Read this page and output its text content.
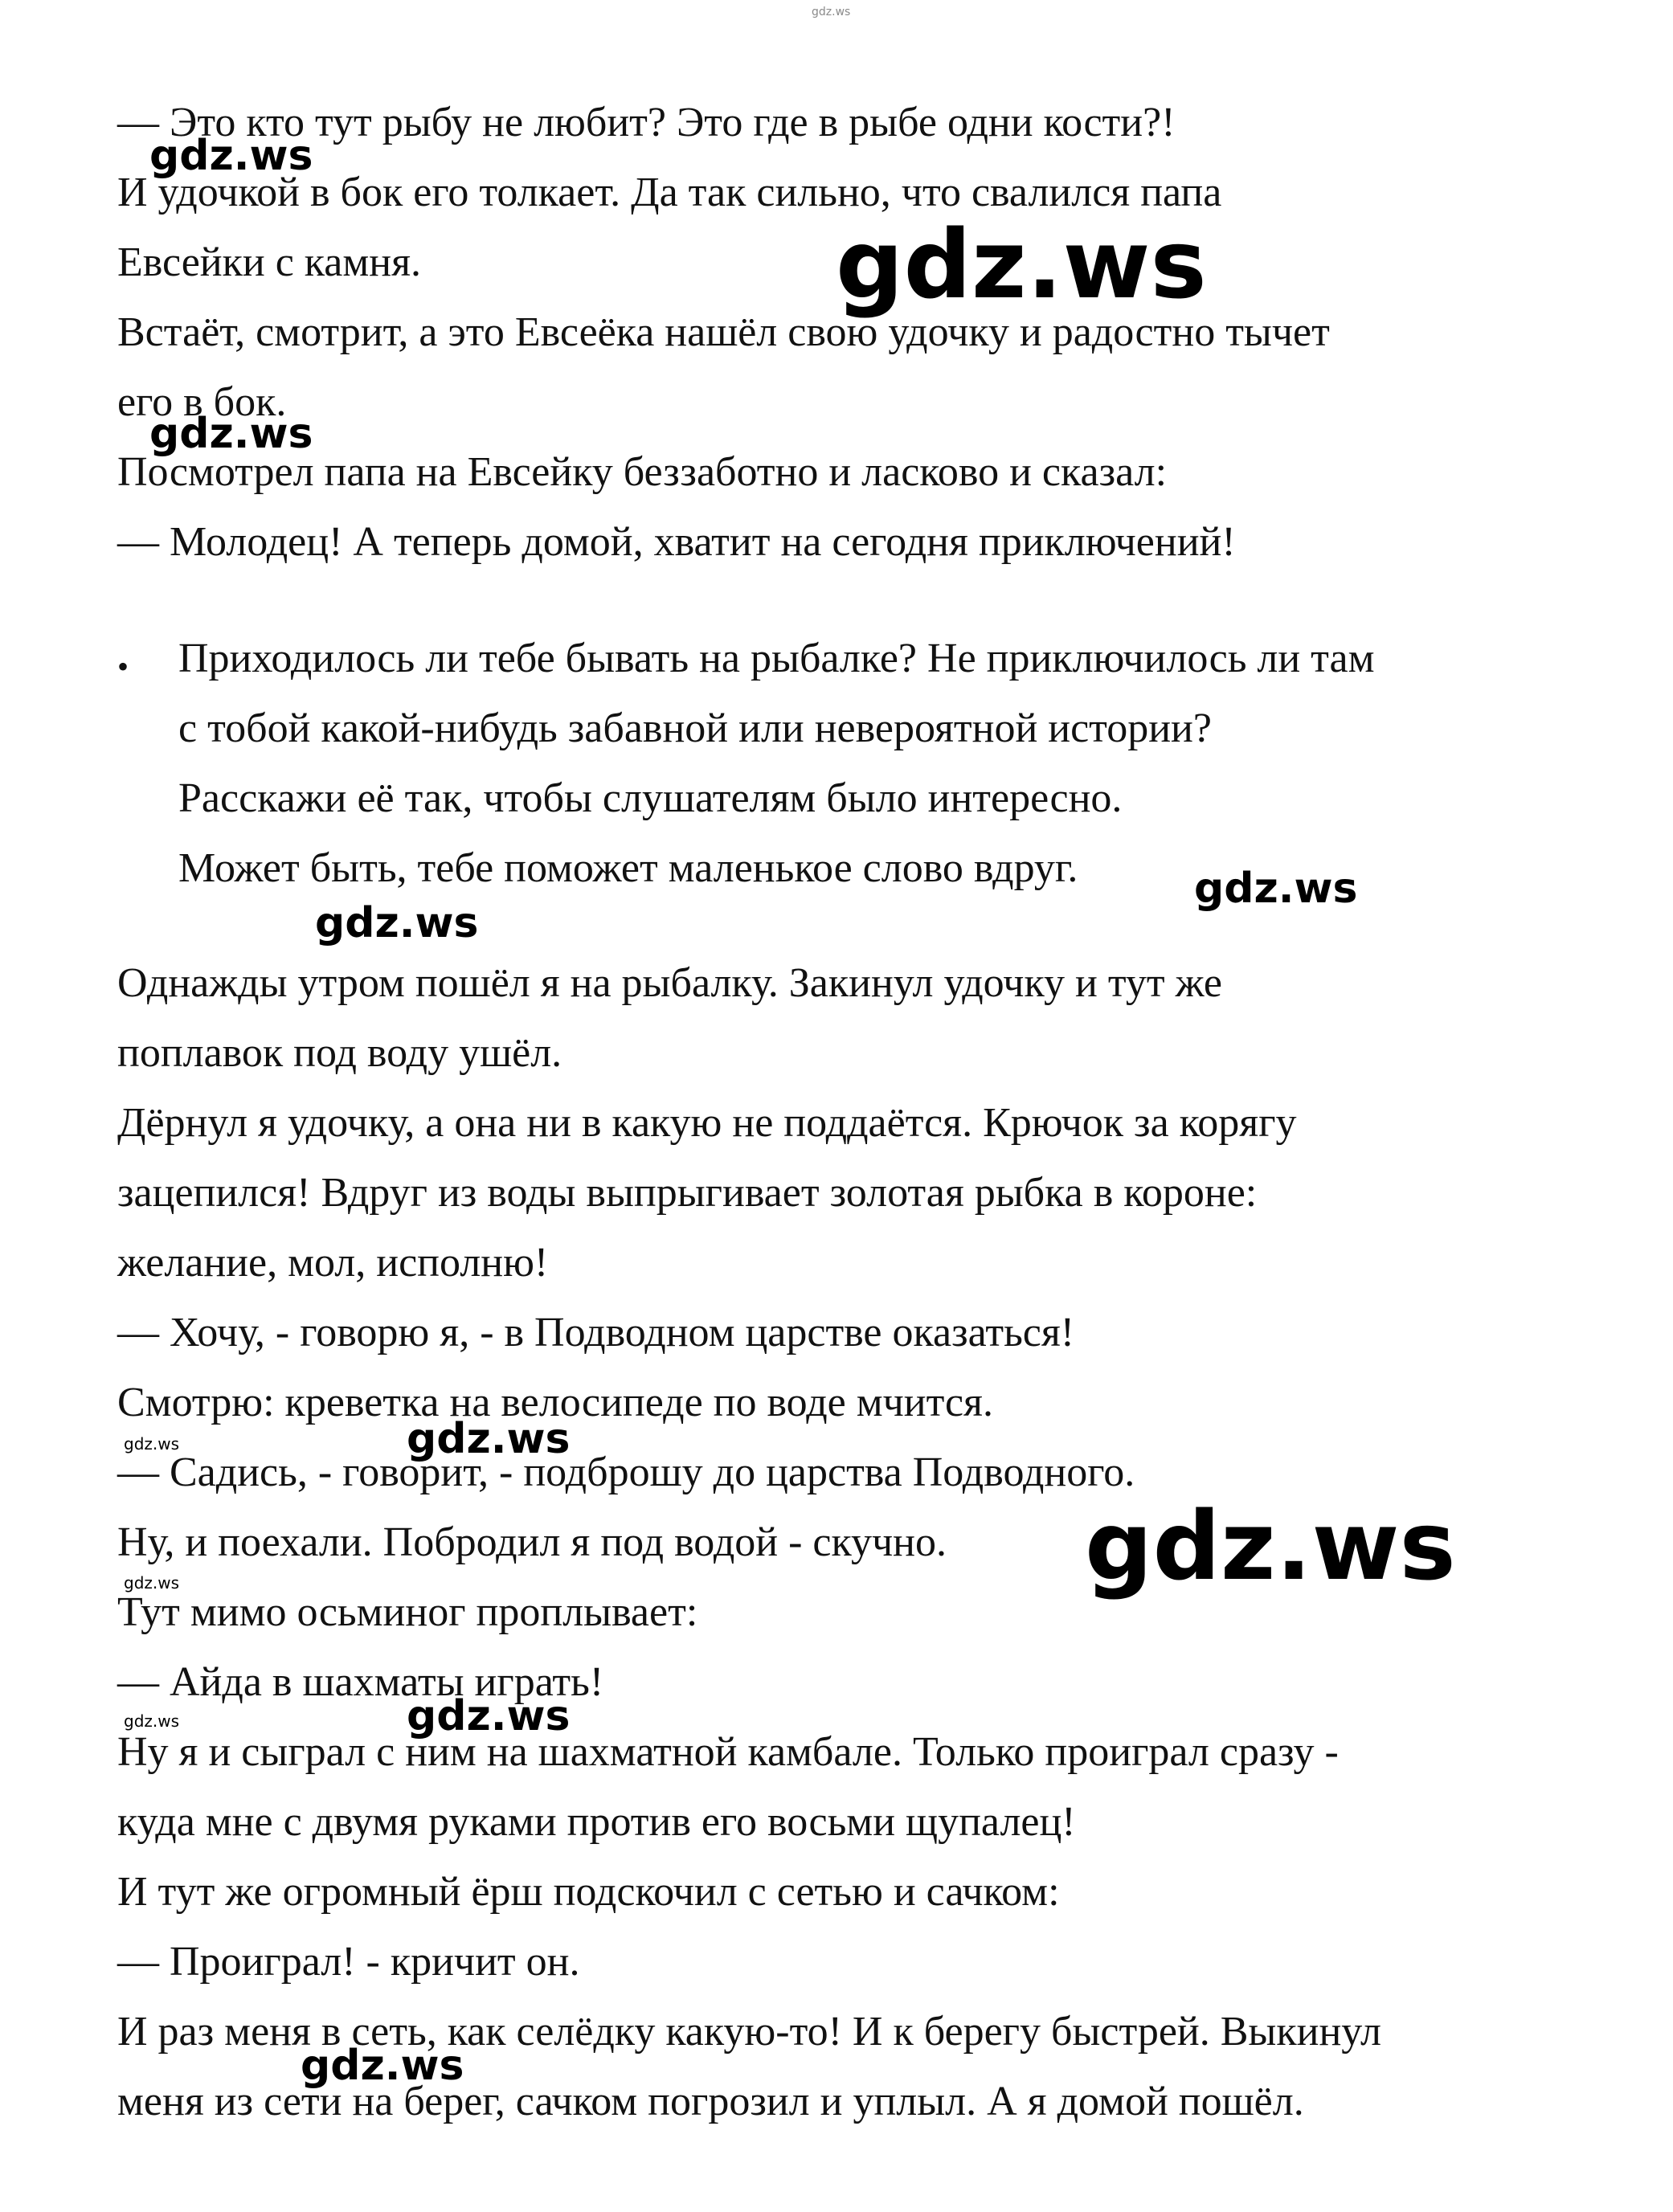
— Это кто тут рыбу не любит? Это где в рыбе одни кости?!
И удочкой в бок его толкает. Да так сильно, что свалился папа
Евсейки с камня.
Встаёт, смотрит, а это Евсеёка нашёл свою удочку и радостно тычет
его в бок.
Посмотрел папа на Евсейку беззаботно и ласково и сказал:
— Молодец! А теперь домой, хватит на сегодня приключений!
• Приходилось ли тебе бывать на рыбалке? Не приключилось ли там
с тобой какой-нибудь забавной или невероятной истории?
Расскажи её так, чтобы слушателям было интересно.
Может быть, тебе поможет маленькое слово вдруг.
Однажды утром пошёл я на рыбалку. Закинул удочку и тут же
поплавок под воду ушёл.
Дёрнул я удочку, а она ни в какую не поддаётся. Крючок за корягу
зацепился! Вдруг из воды выпрыгивает золотая рыбка в короне:
желание, мол, исполню!
— Хочу, - говорю я, - в Подводном царстве оказаться!
Смотрю: креветка на велосипеде по воде мчится.
— Садись, - говорит, - подброшу до царства Подводного.
Ну, и поехали. Побродил я под водой - скучно.
Тут мимо осьминог проплывает:
— Айда в шахматы играть!
Ну я и сыграл с ним на шахматной камбале. Только проиграл сразу -
куда мне с двумя руками против его восьми щупалец!
И тут же огромный ёрш подскочил с сетью и сачком:
— Проиграл! - кричит он.
И раз меня в сеть, как селёдку какую-то! И к берегу быстрей. Выкинул
меня из сети на берег, сачком погрозил и уплыл. А я домой пошёл.
gdz.ws
gdz.ws
gdz.ws
gdz.ws
gdz.ws
gdz.ws
gdz.ws	gdz.ws
gdz.ws
gdz.ws
gdz.ws	gdz.ws
gdz.ws
